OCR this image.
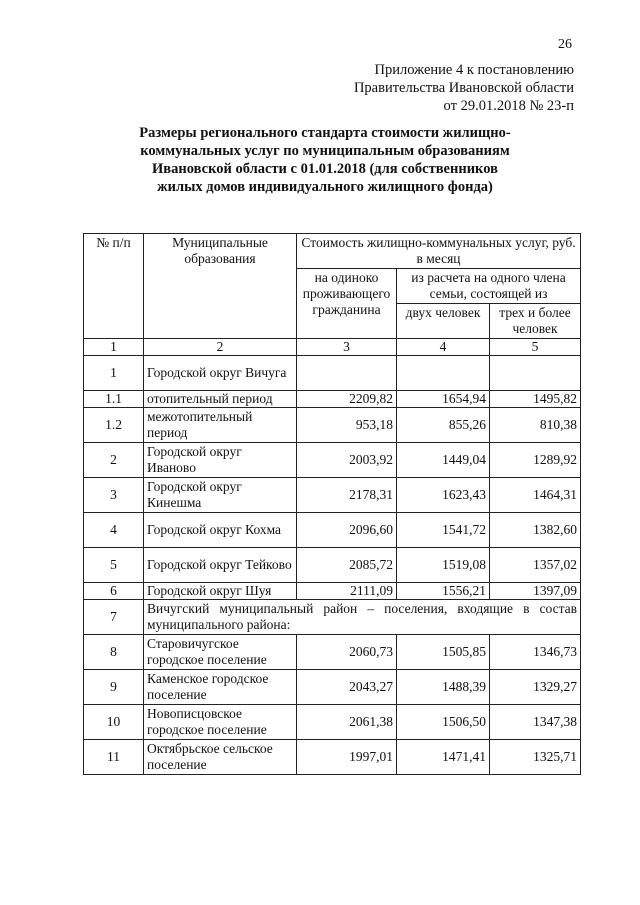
26
Приложение 4 к постановлению
Правительства Ивановской области
от 29.01.2018 № 23-п
Размеры регионального стандарта стоимости жилищно-
коммунальных услуг по муниципальным образованиям
Ивановской области с 01.01.2018 (для собственников
жилых домов индивидуального жилищного фонда)
№ п/п	Муниципальные образования	Стоимость жилищно-коммунальных услуг, руб. в месяц		
		на одиноко проживающего гражданина	из расчета на одного члена семьи, состоящей из	
			двух человек	трех и более человек
1	2	3	4	5
1	Городской округ Вичуга			
1.1	отопительный период	2209,82	1654,94	1495,82
1.2	межотопительный период	953,18	855,26	810,38
2	Городской округ Иваново	2003,92	1449,04	1289,92
3	Городской округ Кинешма	2178,31	1623,43	1464,31
4	Городской округ Кохма	2096,60	1541,72	1382,60
5	Городской округ Тейково	2085,72	1519,08	1357,02
6	Городской округ Шуя	2111,09	1556,21	1397,09
7	Вичугский муниципальный район – поселения, входящие в состав муниципального района:			
8	Старовичугское городское поселение	2060,73	1505,85	1346,73
9	Каменское городское поселение	2043,27	1488,39	1329,27
10	Новописцовское городское поселение	2061,38	1506,50	1347,38
11	Октябрьское сельское поселение	1997,01	1471,41	1325,71
